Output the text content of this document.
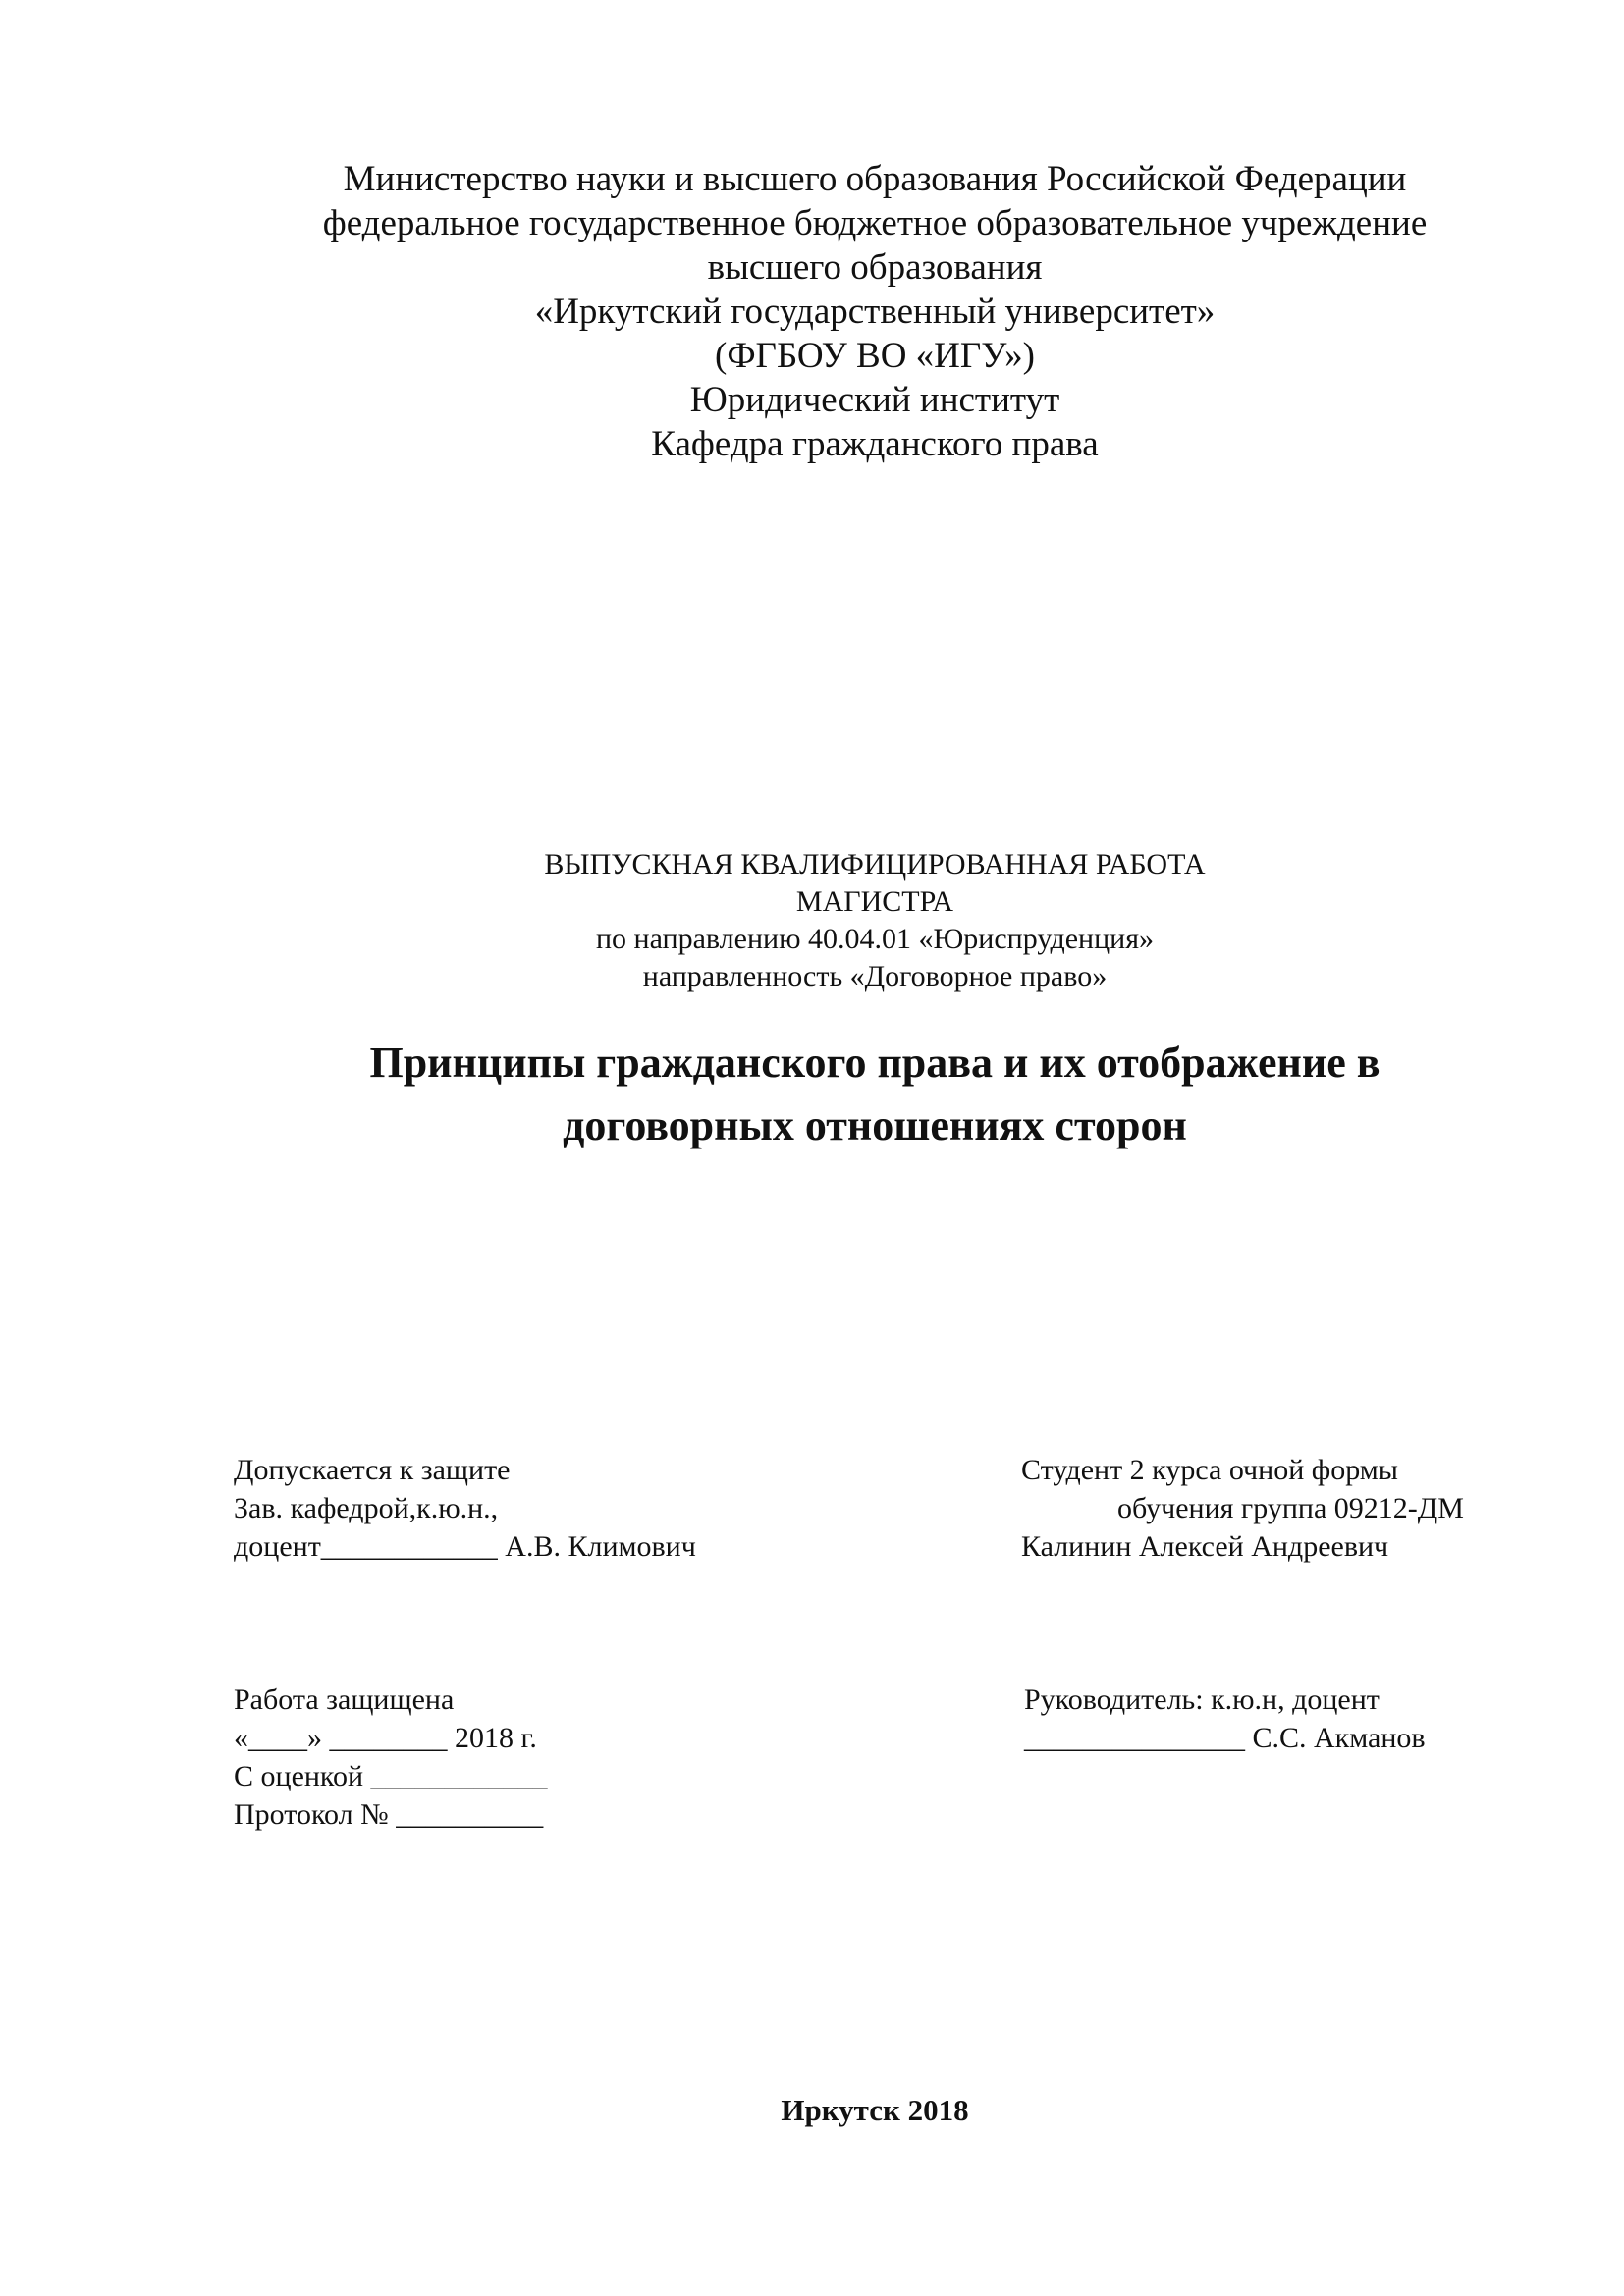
Министерство науки и высшего образования Российской Федерации
федеральное государственное бюджетное образовательное учреждение
высшего образования
«Иркутский государственный университет»
(ФГБОУ ВО «ИГУ»)
Юридический институт
Кафедра гражданского права
ВЫПУСКНАЯ КВАЛИФИЦИРОВАННАЯ РАБОТА
МАГИСТРА
по направлению 40.04.01 «Юриспруденция»
направленность «Договорное право»
Принципы гражданского права и их отображение в
договорных отношениях сторон
Допускается к защите
Зав. кафедрой,к.ю.н.,
доцент____________ А.В. Климович
Студент 2 курса очной формы
обучения группа 09212-ДМ
Калинин Алексей Андреевич
Работа защищена
«____» ________ 2018 г.
С оценкой ____________
Протокол № __________
Руководитель: к.ю.н, доцент
_______________ С.С. Акманов
Иркутск 2018
